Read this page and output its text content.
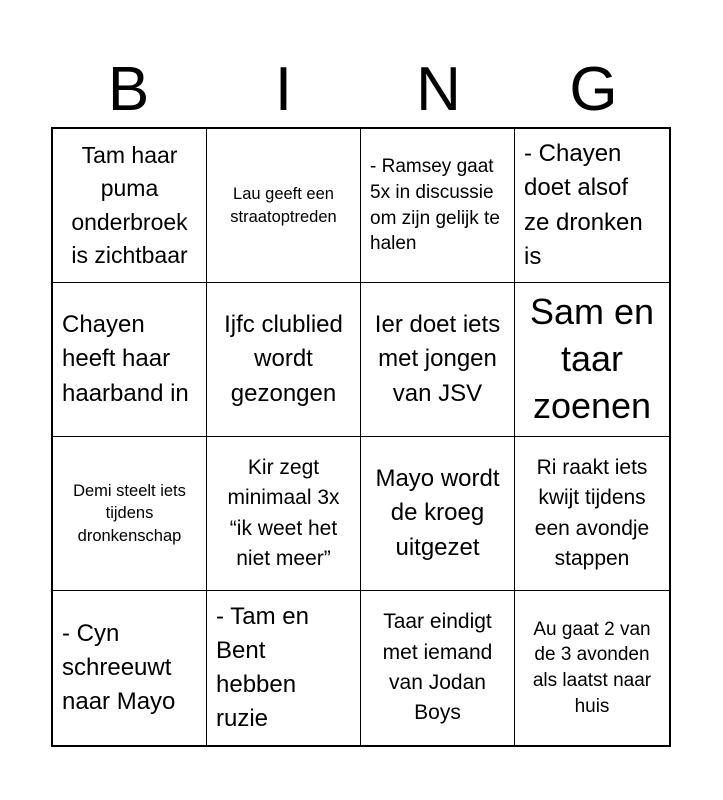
B	I	N	G
Tam haar puma onderbroek is zichtbaar
Lau geeft een straatoptreden
- Ramsey gaat 5x in discussie om zijn gelijk te halen
- Chayen doet alsof ze dronken is
Chayen heeft haar haarband in
Ijfc clublied wordt gezongen
Ier doet iets met jongen van JSV
Sam en taar zoenen
Demi steelt iets tijdens dronkenschap
Kir zegt minimaal 3x “ik weet het niet meer”
Mayo wordt de kroeg uitgezet
Ri raakt iets kwijt tijdens een avondje stappen
- Cyn schreeuwt naar Mayo
- Tam en Bent hebben ruzie
Taar eindigt met iemand van Jodan Boys
Au gaat 2 van de 3 avonden als laatst naar huis
